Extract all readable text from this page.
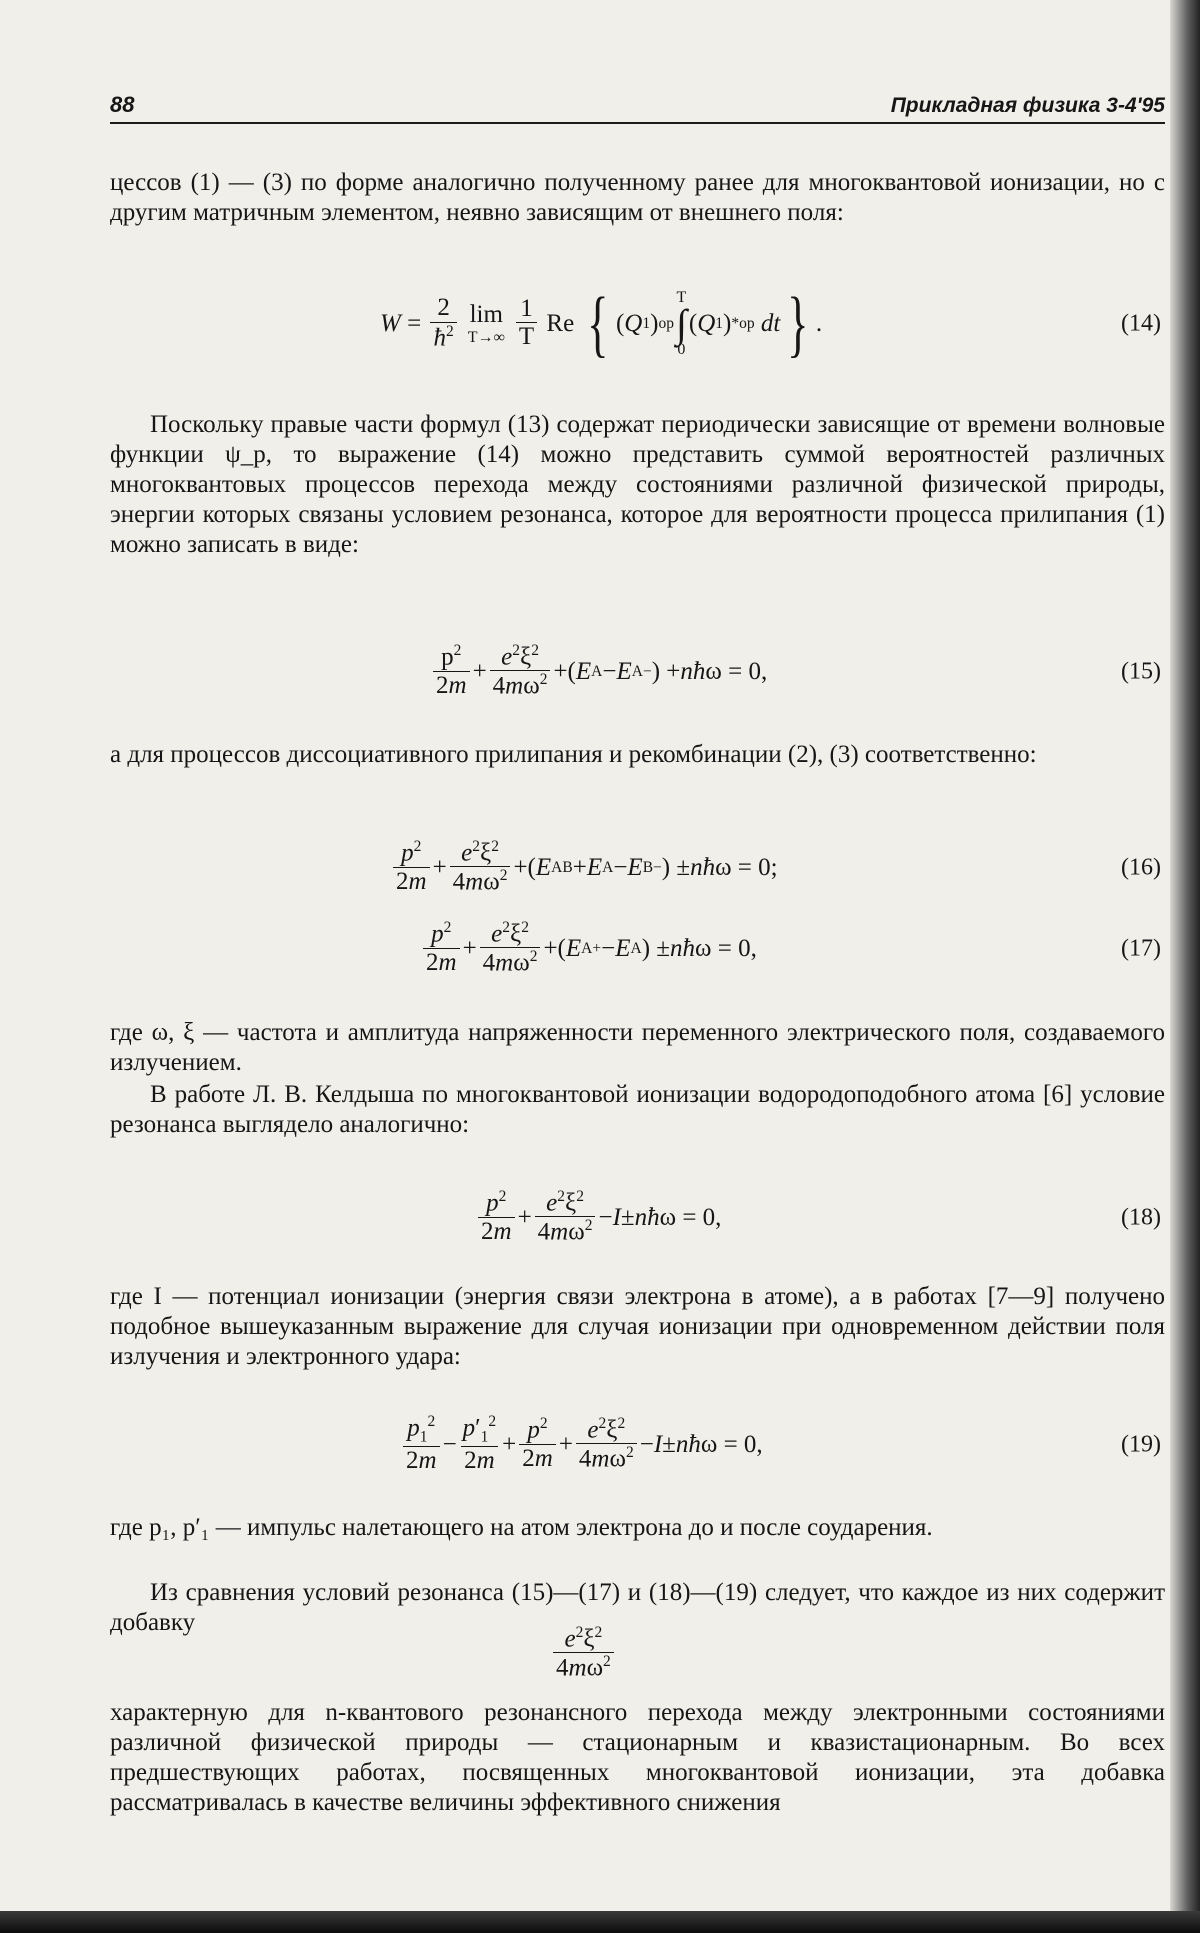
88	Прикладная физика 3-4'95

цессов (1) — (3) по форме аналогично полученному ранее для многоквантовой ионизации, но с другим матричным элементом, неявно зависящим от внешнего поля:

$W = \frac{2}{ħ^2}$ lim
$T\to\infty \frac{1}{T}$ Re { ( Q 1 ) op
T
∫
0
( Q 1 ) * op
dt } .	(14)

Поскольку правые части формул (13) содержат периодически зависящие от времени волновые функции ψ_p, то выражение (14) можно представить суммой вероятностей различных многоквантовых процессов перехода между состояниями различной физической природы, энергии которых связаны условием резонанса, которое для вероятности процесса прилипания (1) можно записать в виде:

$\frac{p^2}{2m} + \frac{e^2\xi^2}{4m\omega^2}$ +( E A − E A − ) + nħ ω = 0,	(15)

а для процессов диссоциативного прилипания и рекомбинации (2), (3) соответственно:

$\frac{p^2}{2m} + \frac{e^2\xi^2}{4m\omega^2}$ +( E AB + E A − E B − ) ± nħ ω = 0;	(16)
$\frac{p^2}{2m} + \frac{e^2\xi^2}{4m\omega^2}$ +( E A + − E A ) ± nħ ω = 0,	(17)

где ω, ξ — частота и амплитуда напряженности переменного электрического поля, создаваемого излучением.

В работе Л. В. Келдыша по многоквантовой ионизации водородоподобного атома [6] условие резонанса выглядело аналогично:

$\frac{p^2}{2m} + \frac{e^2\xi^2}{4m\omega^2} - I$ ± nħ ω = 0,	(18)

где I — потенциал ионизации (энергия связи электрона в атоме), а в работах [7—9] получено подобное вышеуказанным выражение для случая ионизации при одновременном действии поля излучения и электронного удара:

$\frac{p_1^2}{2m} - \frac{p'_1^2}{2m} + \frac{p^2}{2m} + \frac{e^2\xi^2}{4m\omega^2} - I$ ± nħ ω = 0,	(19)

где p₁, p′₁ — импульс налетающего на атом электрона до и после соударения.

Из сравнения условий резонанса (15)—(17) и (18)—(19) следует, что каждое из них содержит добавку

$\frac{e^2\xi^2}{4m\omega^2}$

характерную для n-квантового резонансного перехода между электронными состояниями различной физической природы — стационарным и квазистационарным. Во всех предшествующих работах, посвященных многоквантовой ионизации, эта добавка рассматривалась в качестве величины эффективного снижения
